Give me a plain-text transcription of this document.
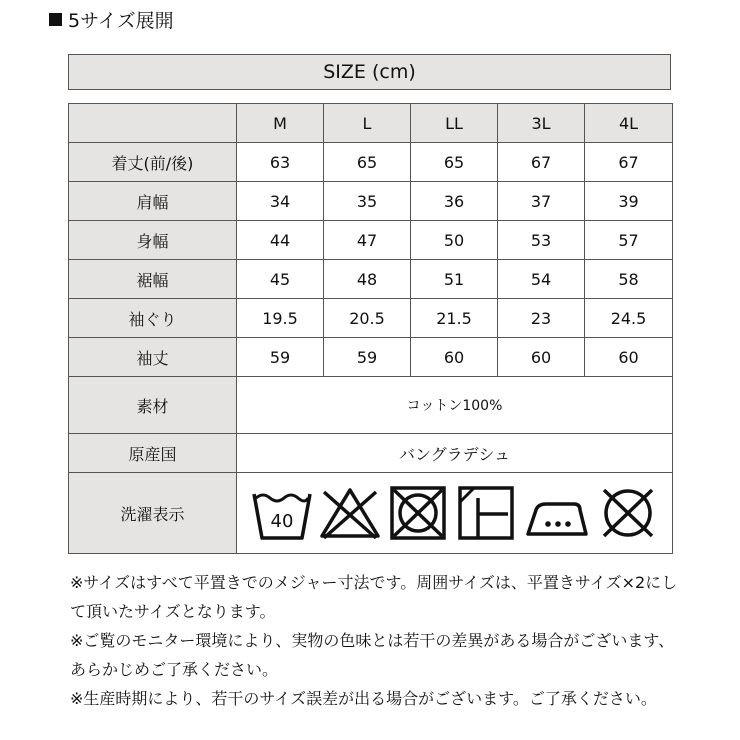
5サイズ展開
SIZE (cm)
	M	L	LL	3L	4L
着丈(前/後)	63	65	65	67	67
肩幅	34	35	36	37	39
身幅	44	47	50	53	57
裾幅	45	48	51	54	58
袖ぐり	19.5	20.5	21.5	23	24.5
袖丈	59	59	60	60	60
素材	コットン100%				
原産国	バングラデシュ				
洗濯表示	40				

※サイズはすべて平置きでのメジャー寸法です。周囲サイズは、平置きサイズ×2にして頂いたサイズとなります。

※ご覧のモニター環境により、実物の色味とは若干の差異がある場合がございます、あらかじめご了承ください。

※生産時期により、若干のサイズ誤差が出る場合がございます。ご了承ください。
